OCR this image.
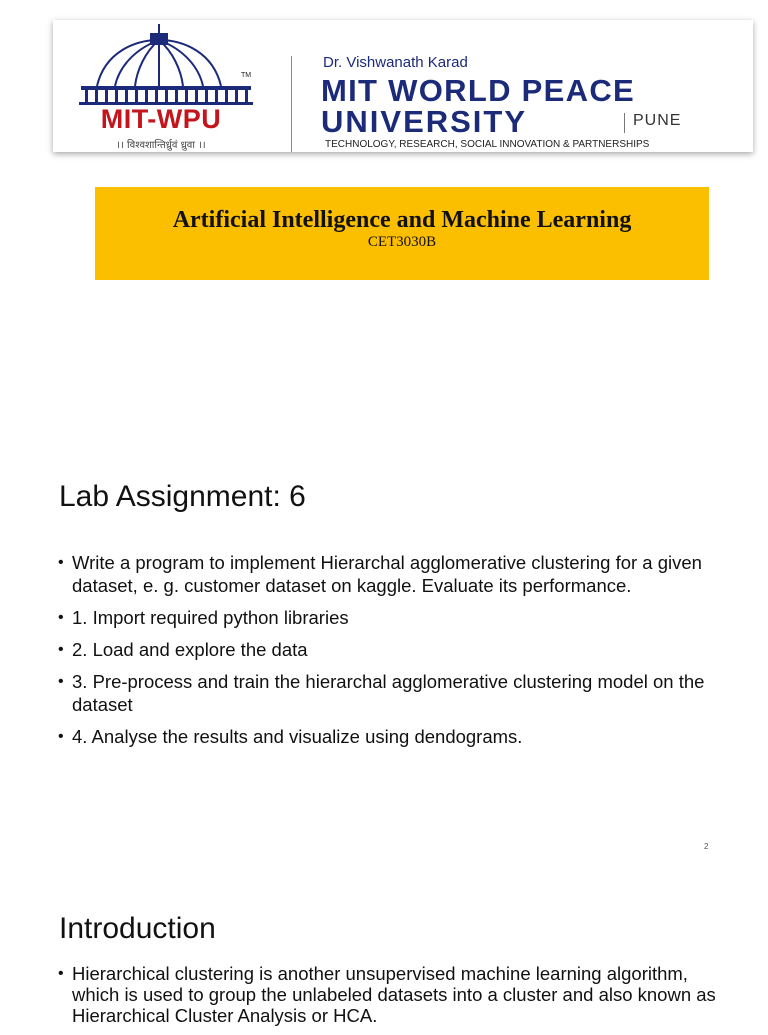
TM
MIT-WPU
।। विश्वशान्तिर्ध्रुवं ध्रुवा ।।
Dr. Vishwanath Karad
MIT WORLD PEACE
UNIVERSITY	PUNE
TECHNOLOGY, RESEARCH, SOCIAL INNOVATION & PARTNERSHIPS
Artificial Intelligence and Machine Learning
CET3030B
Lab Assignment: 6
• Write a program to implement Hierarchal agglomerative clustering for a given dataset, e. g. customer dataset on kaggle. Evaluate its performance.
• 1. Import required python libraries
• 2. Load and explore the data
• 3. Pre-process and train the hierarchal agglomerative clustering model on the dataset
• 4. Analyse the results and visualize using dendograms.
2
Introduction
• Hierarchical clustering is another unsupervised machine learning algorithm, which is used to group the unlabeled datasets into a cluster and also known as Hierarchical Cluster Analysis or HCA.
